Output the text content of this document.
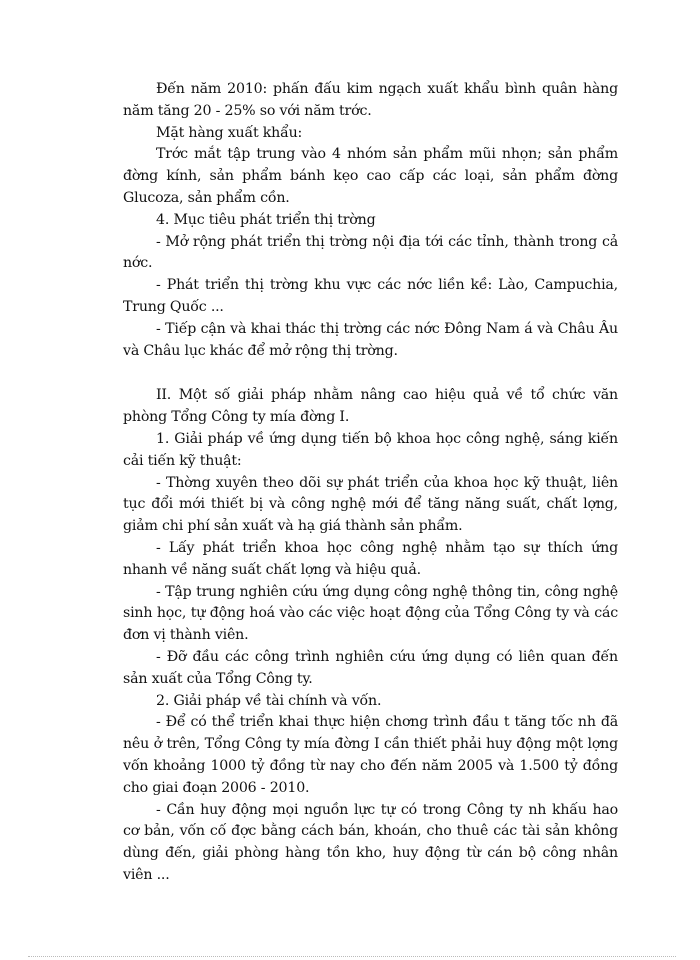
Đến năm 2010: phấn đấu kim ngạch xuất khẩu bình quân hàng năm tăng 20 - 25% so với năm trớc.

Mặt hàng xuất khẩu:

Trớc mắt tập trung vào 4 nhóm sản phẩm mũi nhọn; sản phẩm đờng kính, sản phẩm bánh kẹo cao cấp các loại, sản phẩm đờng Glucoza, sản phẩm cồn.

4. Mục tiêu phát triển thị trờng

- Mở rộng phát triển thị trờng nội địa tới các tỉnh, thành trong cả nớc.

- Phát triển thị trờng khu vực các nớc liền kề: Lào, Campuchia, Trung Quốc ...

- Tiếp cận và khai thác thị trờng các nớc Đông Nam á và Châu Âu và Châu lục khác để mở rộng thị trờng.

II. Một số giải pháp nhằm nâng cao hiệu quả về tổ chức văn phòng Tổng Công ty mía đờng I.

1. Giải pháp về ứng dụng tiến bộ khoa học công nghệ, sáng kiến cải tiến kỹ thuật:

- Thờng xuyên theo dõi sự phát triển của khoa học kỹ thuật, liên tục đổi mới thiết bị và công nghệ mới để tăng năng suất, chất lợng, giảm chi phí sản xuất và hạ giá thành sản phẩm.

- Lấy phát triển khoa học công nghệ nhằm tạo sự thích ứng nhanh về năng suất chất lợng và hiệu quả.

- Tập trung nghiên cứu ứng dụng công nghệ thông tin, công nghệ sinh học, tự động hoá vào các việc hoạt động của Tổng Công ty và các đơn vị thành viên.

- Đỡ đầu các công trình nghiên cứu ứng dụng có liên quan đến sản xuất của Tổng Công ty.

2. Giải pháp về tài chính và vốn.

- Để có thể triển khai thực hiện chơng trình đầu t tăng tốc nh đã nêu ở trên, Tổng Công ty mía đờng I cần thiết phải huy động một lợng vốn khoảng 1000 tỷ đồng từ nay cho đến năm 2005 và 1.500 tỷ đồng cho giai đoạn 2006 - 2010.

- Cần huy động mọi nguồn lực tự có trong Công ty nh khấu hao cơ bản, vốn cố đợc bằng cách bán, khoán, cho thuê các tài sản không dùng đến, giải phòng hàng tồn kho, huy động từ cán bộ công nhân viên ...
